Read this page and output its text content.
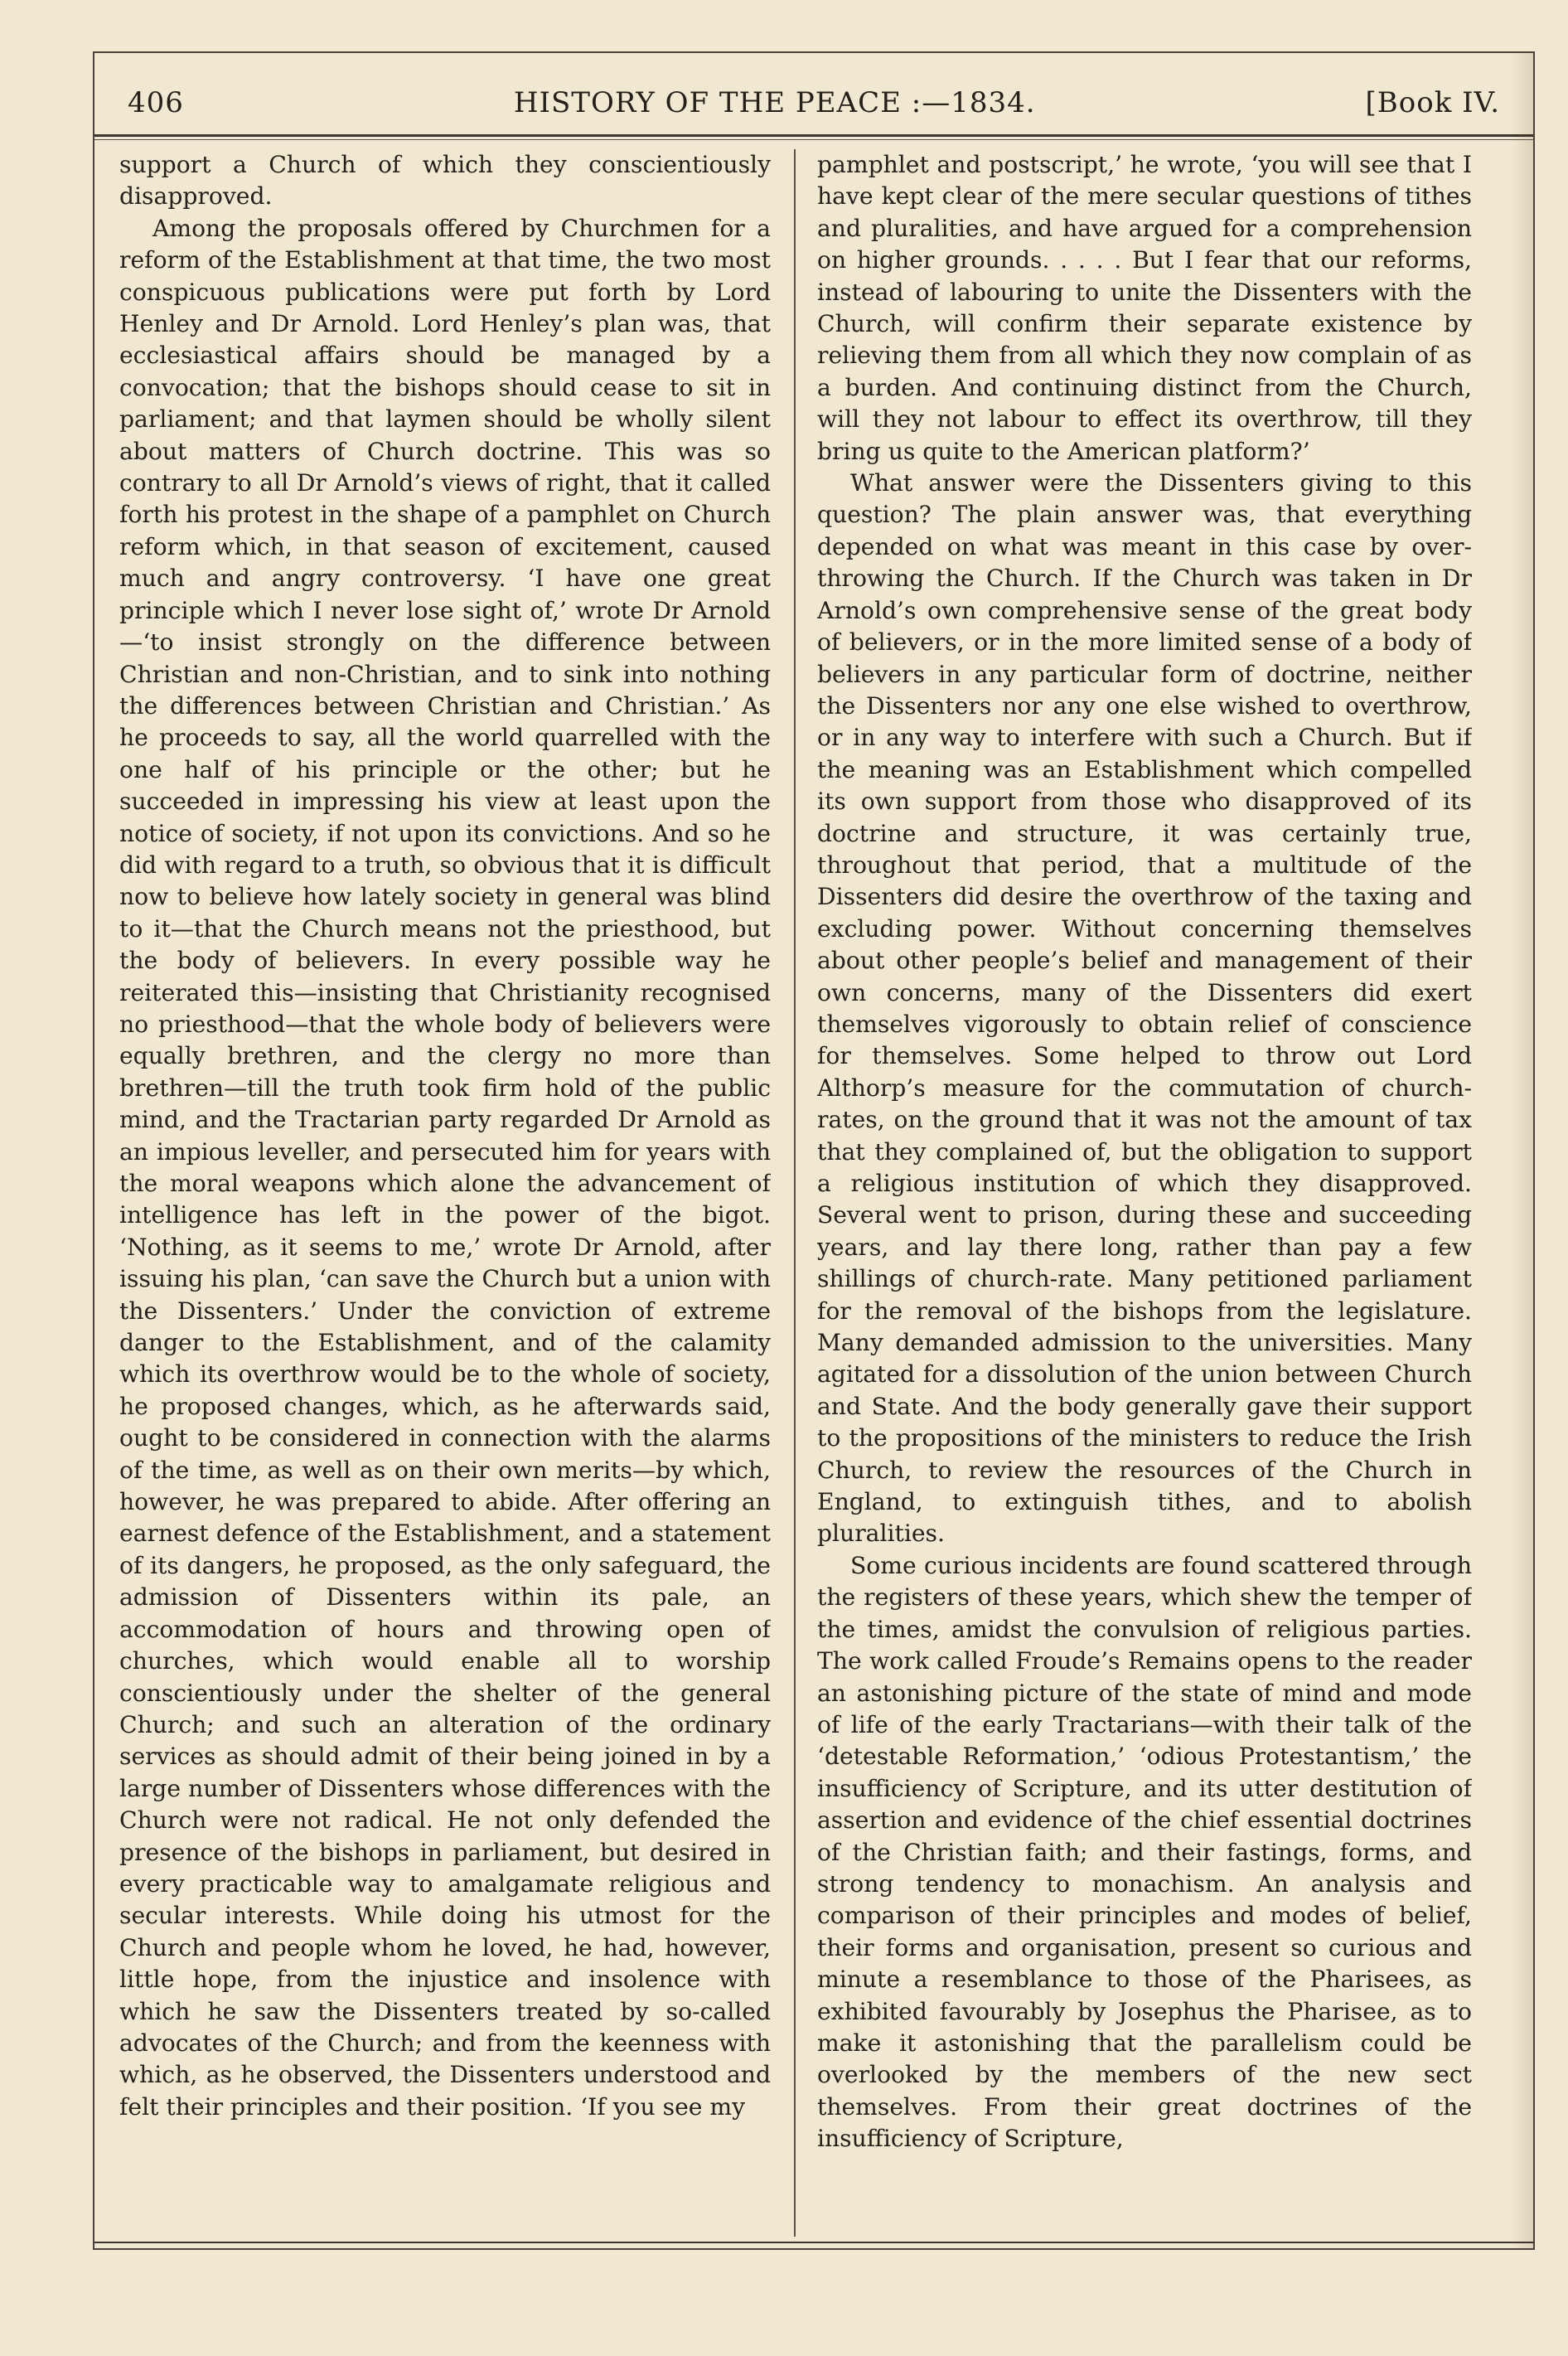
406	HISTORY OF THE PEACE :—1834.	[Book IV.

support a Church of which they conscientiously disapproved.

Among the proposals offered by Churchmen for a reform of the Establishment at that time, the two most conspicuous publications were put forth by Lord Henley and Dr Arnold. Lord Henley’s plan was, that ecclesiastical affairs should be managed by a convocation; that the bishops should cease to sit in parliament; and that laymen should be wholly silent about matters of Church doctrine. This was so contrary to all Dr Arnold’s views of right, that it called forth his protest in the shape of a pamphlet on Church reform which, in that season of excitement, caused much and angry controversy. ‘I have one great principle which I never lose sight of,’ wrote Dr Arnold—‘to insist strongly on the difference between Christian and non-Christian, and to sink into nothing the differences between Christian and Christian.’ As he proceeds to say, all the world quarrelled with the one half of his principle or the other; but he succeeded in impressing his view at least upon the notice of society, if not upon its convictions. And so he did with regard to a truth, so obvious that it is difficult now to believe how lately society in general was blind to it—that the Church means not the priesthood, but the body of believers. In every possible way he reiterated this—insisting that Christianity recognised no priesthood—that the whole body of believers were equally brethren, and the clergy no more than brethren—till the truth took firm hold of the public mind, and the Tractarian party regarded Dr Arnold as an impious leveller, and persecuted him for years with the moral weapons which alone the advancement of intelligence has left in the power of the bigot. ‘Nothing, as it seems to me,’ wrote Dr Arnold, after issuing his plan, ‘can save the Church but a union with the Dissenters.’ Under the conviction of extreme danger to the Establishment, and of the calamity which its overthrow would be to the whole of society, he proposed changes, which, as he afterwards said, ought to be considered in connection with the alarms of the time, as well as on their own merits—by which, however, he was prepared to abide. After offering an earnest defence of the Establishment, and a statement of its dangers, he proposed, as the only safeguard, the admission of Dissenters within its pale, an accommodation of hours and throwing open of churches, which would enable all to worship conscientiously under the shelter of the general Church; and such an alteration of the ordinary services as should admit of their being joined in by a large number of Dissenters whose differences with the Church were not radical. He not only defended the presence of the bishops in parliament, but desired in every practicable way to amalgamate religious and secular interests. While doing his utmost for the Church and people whom he loved, he had, however, little hope, from the injustice and insolence with which he saw the Dissenters treated by so-called advocates of the Church; and from the keenness with which, as he observed, the Dissenters understood and felt their principles and their position. ‘If you see my

pamphlet and postscript,’ he wrote, ‘you will see that I have kept clear of the mere secular questions of tithes and pluralities, and have argued for a comprehension on higher grounds. . . . . But I fear that our reforms, instead of labouring to unite the Dissenters with the Church, will confirm their separate existence by relieving them from all which they now complain of as a burden. And continuing distinct from the Church, will they not labour to effect its overthrow, till they bring us quite to the American platform?’

What answer were the Dissenters giving to this question? The plain answer was, that everything depended on what was meant in this case by overthrowing the Church. If the Church was taken in Dr Arnold’s own comprehensive sense of the great body of believers, or in the more limited sense of a body of believers in any particular form of doctrine, neither the Dissenters nor any one else wished to overthrow, or in any way to interfere with such a Church. But if the meaning was an Establishment which compelled its own support from those who disapproved of its doctrine and structure, it was certainly true, throughout that period, that a multitude of the Dissenters did desire the overthrow of the taxing and excluding power. Without concerning themselves about other people’s belief and management of their own concerns, many of the Dissenters did exert themselves vigorously to obtain relief of conscience for themselves. Some helped to throw out Lord Althorp’s measure for the commutation of church-rates, on the ground that it was not the amount of tax that they complained of, but the obligation to support a religious institution of which they disapproved. Several went to prison, during these and succeeding years, and lay there long, rather than pay a few shillings of church-rate. Many petitioned parliament for the removal of the bishops from the legislature. Many demanded admission to the universities. Many agitated for a dissolution of the union between Church and State. And the body generally gave their support to the propositions of the ministers to reduce the Irish Church, to review the resources of the Church in England, to extinguish tithes, and to abolish pluralities.

Some curious incidents are found scattered through the registers of these years, which shew the temper of the times, amidst the convulsion of religious parties. The work called Froude’s Remains opens to the reader an astonishing picture of the state of mind and mode of life of the early Tractarians—with their talk of the ‘detestable Reformation,’ ‘odious Protestantism,’ the insufficiency of Scripture, and its utter destitution of assertion and evidence of the chief essential doctrines of the Christian faith; and their fastings, forms, and strong tendency to monachism. An analysis and comparison of their principles and modes of belief, their forms and organisation, present so curious and minute a resemblance to those of the Pharisees, as exhibited favourably by Josephus the Pharisee, as to make it astonishing that the parallelism could be overlooked by the members of the new sect themselves. From their great doctrines of the insufficiency of Scripture,
